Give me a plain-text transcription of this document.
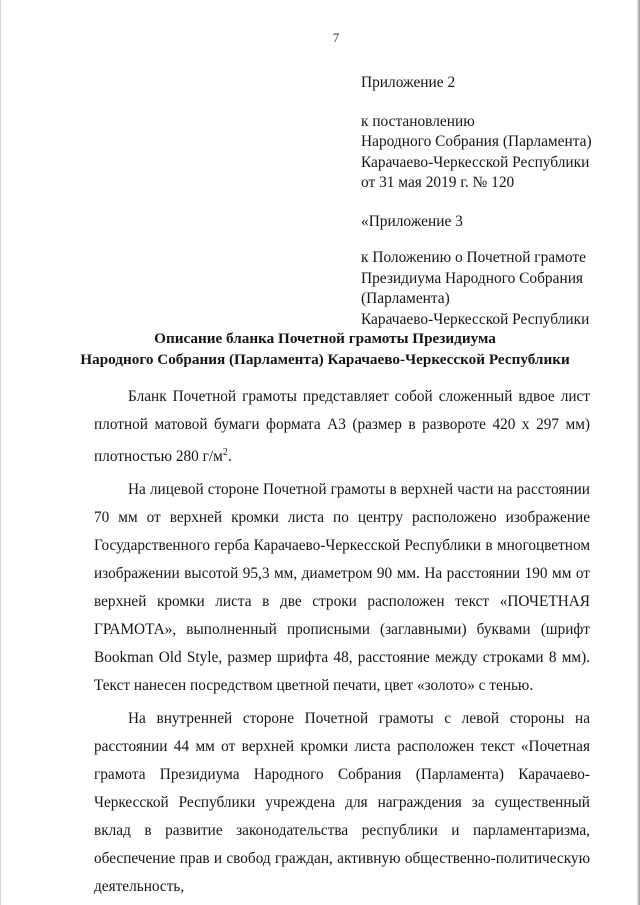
7
Приложение 2
к постановлению
Народного Собрания (Парламента)
Карачаево-Черкесской Республики
от 31 мая 2019 г. № 120
«Приложение 3
к Положению о Почетной грамоте
Президиума Народного Собрания
(Парламента)
Карачаево-Черкесской Республики
Описание бланка Почетной грамоты Президиума
Народного Собрания (Парламента) Карачаево-Черкесской Республики

Бланк Почетной грамоты представляет собой сложенный вдвое лист плотной матовой бумаги формата А3 (размер в развороте 420 х 297 мм) плотностью 280 $г/м^2$.

На лицевой стороне Почетной грамоты в верхней части на расстоянии 70 мм от верхней кромки листа по центру расположено изображение Государственного герба Карачаево-Черкесской Республики в многоцветном изображении высотой 95,3 мм, диаметром 90 мм. На расстоянии 190 мм от верхней кромки листа в две строки расположен текст «ПОЧЕТНАЯ ГРАМОТА», выполненный прописными (заглавными) буквами (шрифт Bookman Old Style, размер шрифта 48, расстояние между строками 8 мм). Текст нанесен посредством цветной печати, цвет «золото» с тенью.

На внутренней стороне Почетной грамоты с левой стороны на расстоянии 44 мм от верхней кромки листа расположен текст «Почетная грамота Президиума Народного Собрания (Парламента) Карачаево-Черкесской Республики учреждена для награждения за существенный вклад в развитие законодательства республики и парламентаризма, обеспечение прав и свобод граждан, активную общественно-политическую деятельность,
